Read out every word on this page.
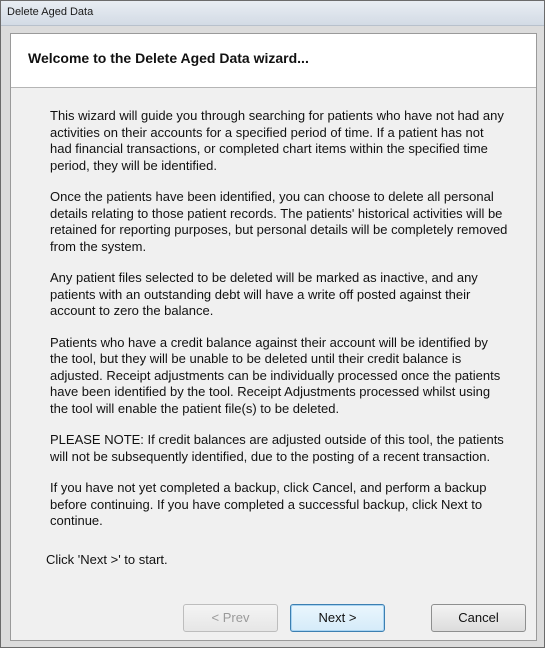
Delete Aged Data
Welcome to the Delete Aged Data wizard...

This wizard will guide you through searching for patients who have not had any activities on their accounts for a specified period of time. If a patient has not had financial transactions, or completed chart items within the specified time period, they will be identified.

Once the patients have been identified, you can choose to delete all personal details relating to those patient records. The patients' historical activities will be retained for reporting purposes, but personal details will be completely removed from the system.

Any patient files selected to be deleted will be marked as inactive, and any patients with an outstanding debt will have a write off posted against their account to zero the balance.

Patients who have a credit balance against their account will be identified by the tool, but they will be unable to be deleted until their credit balance is adjusted. Receipt adjustments can be individually processed once the patients have been identified by the tool. Receipt Adjustments processed whilst using the tool will enable the patient file(s) to be deleted.

PLEASE NOTE: If credit balances are adjusted outside of this tool, the patients will not be subsequently identified, due to the posting of a recent transaction.

If you have not yet completed a backup, click Cancel, and perform a backup before continuing. If you have completed a successful backup, click Next to continue.

Click 'Next >' to start.
< Prev	Next >	Cancel
